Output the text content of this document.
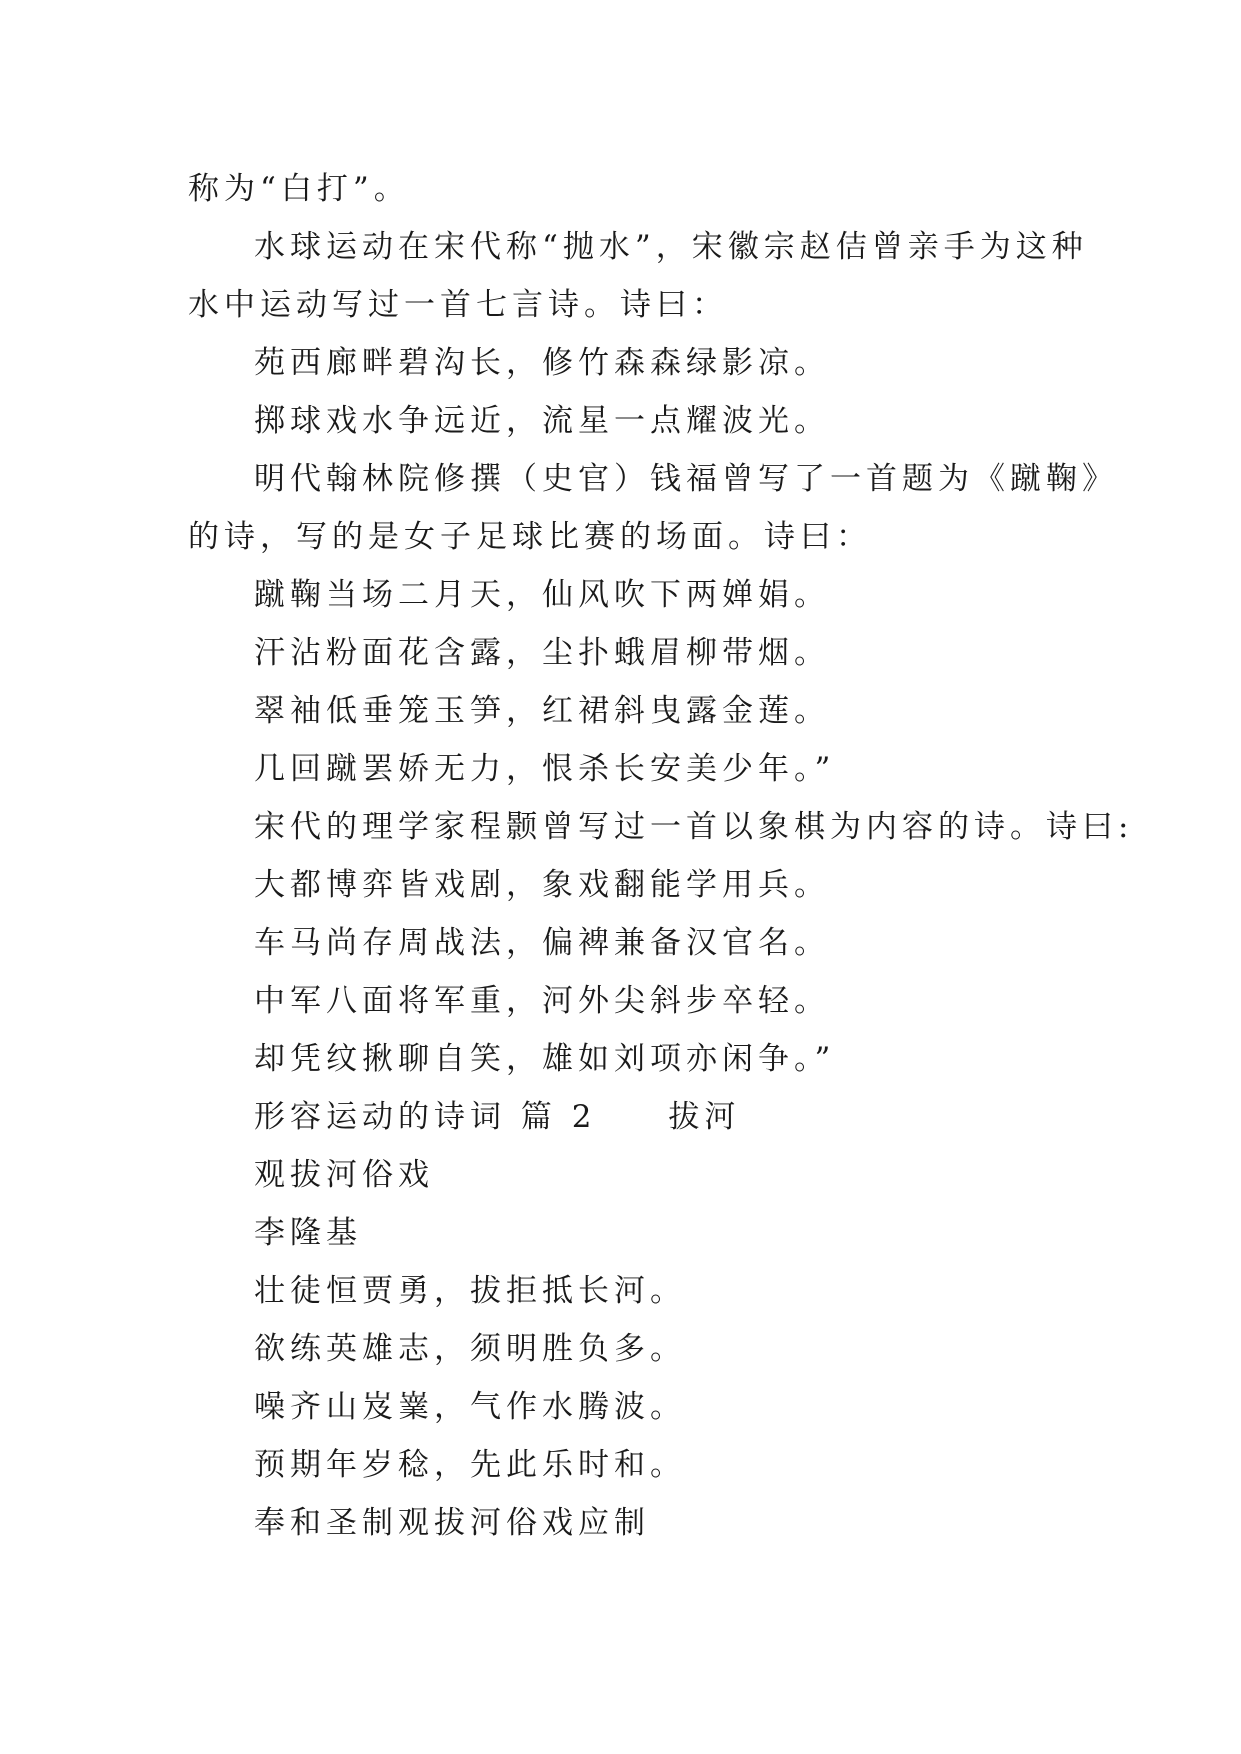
称为“白打”。
水球运动在宋代称“抛水”，宋徽宗赵佶曾亲手为这种
水中运动写过一首七言诗。诗曰：
苑西廊畔碧沟长，修竹森森绿影凉。
掷球戏水争远近，流星一点耀波光。
明代翰林院修撰（史官）钱福曾写了一首题为《蹴鞠》
的诗，写的是女子足球比赛的场面。诗曰：
蹴鞠当场二月天，仙风吹下两婵娟。
汗沾粉面花含露，尘扑蛾眉柳带烟。
翠袖低垂笼玉笋，红裙斜曳露金莲。
几回蹴罢娇无力，恨杀长安美少年。”
宋代的理学家程颢曾写过一首以象棋为内容的诗。诗曰:
大都博弈皆戏剧，象戏翻能学用兵。
车马尚存周战法，偏裨兼备汉官名。
中军八面将军重，河外尖斜步卒轻。
却凭纹揪聊自笑，雄如刘项亦闲争。”
形容运动的诗词 篇 2　　拔河
观拔河俗戏
李隆基
壮徒恒贾勇，拔拒抵长河。
欲练英雄志，须明胜负多。
噪齐山岌嶪，气作水腾波。
预期年岁稔，先此乐时和。
奉和圣制观拔河俗戏应制
